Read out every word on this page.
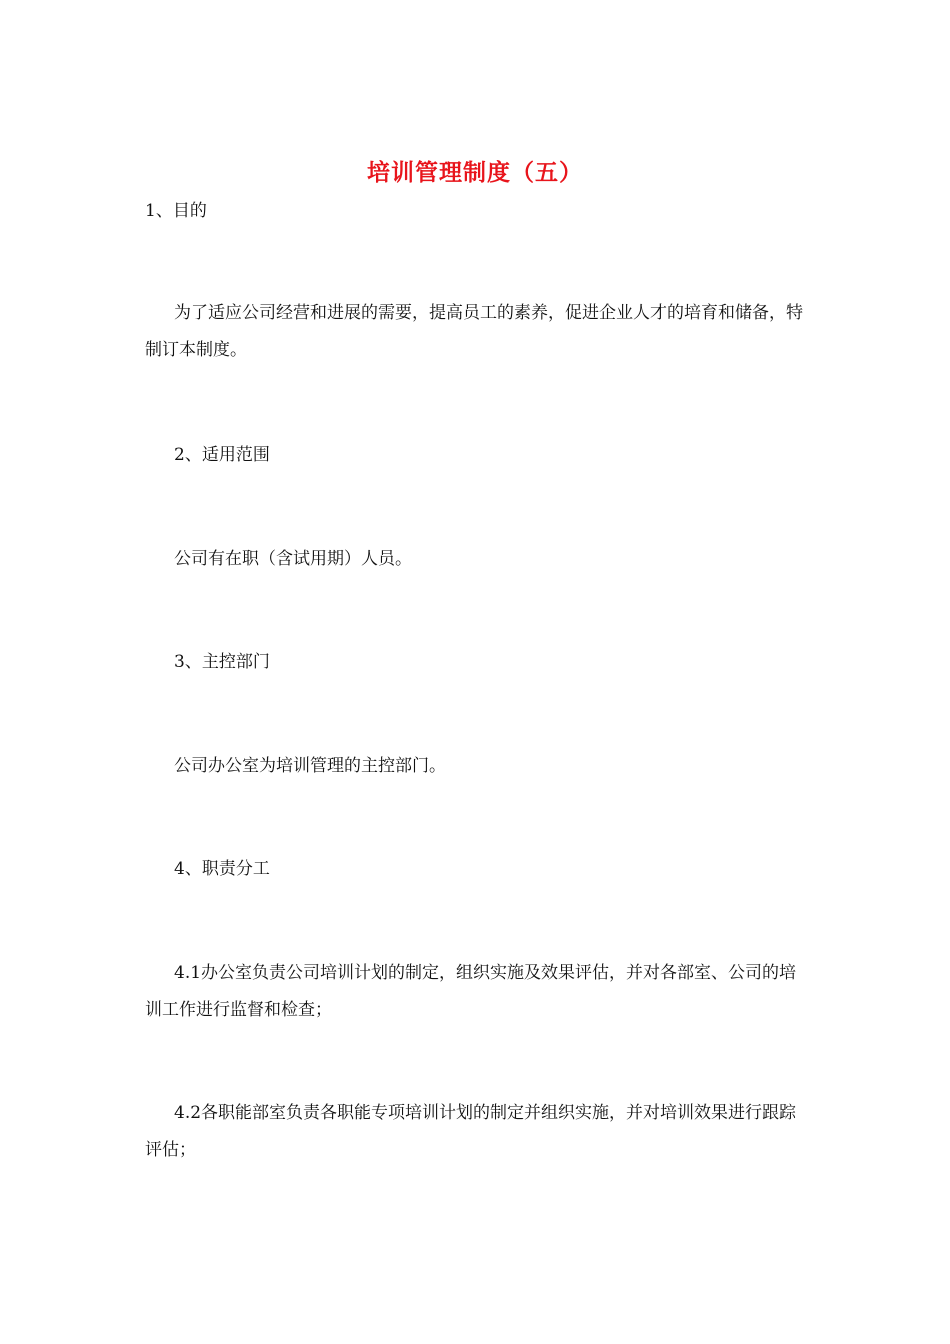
培训管理制度（五）

1、目的

为了适应公司经营和进展的需要，提高员工的素养，促进企业人才的培育和储备，特制订本制度。

2、适用范围

公司有在职（含试用期）人员。

3、主控部门

公司办公室为培训管理的主控部门。

4、职责分工

4.1办公室负责公司培训计划的制定，组织实施及效果评估，并对各部室、公司的培训工作进行监督和检查；

4.2各职能部室负责各职能专项培训计划的制定并组织实施，并对培训效果进行跟踪评估；
